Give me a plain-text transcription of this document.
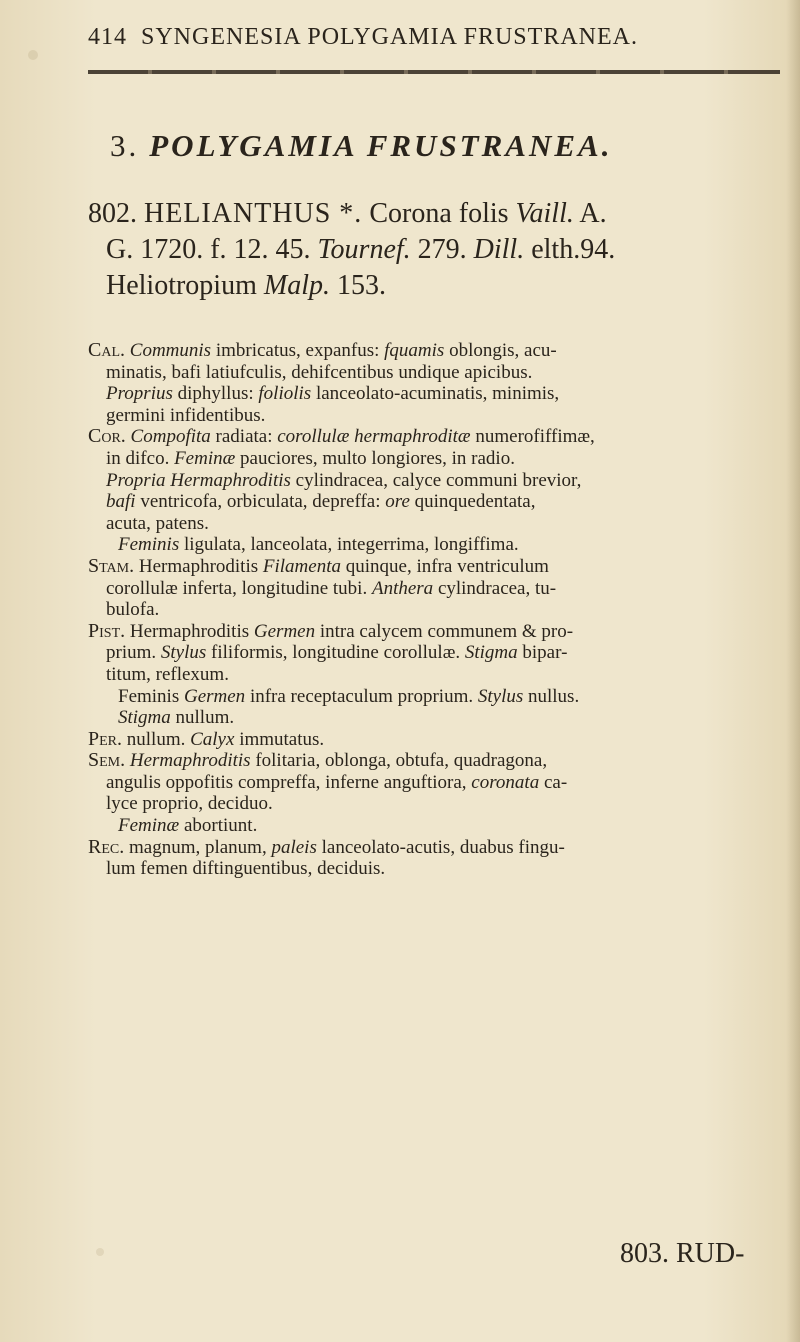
414 SYNGENESIA POLYGAMIA FRUSTRANEA.
3. POLYGAMIA FRUSTRANEA.
802. HELIANTHUS *. Corona folis Vaill. A.
G. 1720. f. 12. 45. Tournef. 279. Dill. elth.94.
Heliotropium Malp. 153.
Cal. Communis imbricatus, expanfus: fquamis oblongis, acu-
minatis, bafi latiufculis, dehifcentibus undique apicibus.
Proprius diphyllus: foliolis lanceolato-acuminatis, minimis,
germini infidentibus.
Cor. Compofita radiata: corollulæ hermaphroditæ numerofiffimæ,
in difco. Feminæ pauciores, multo longiores, in radio.
Propria Hermaphroditis cylindracea, calyce communi brevior,
bafi ventricofa, orbiculata, depreffa: ore quinquedentata,
acuta, patens.
Feminis ligulata, lanceolata, integerrima, longiffima.
Stam. Hermaphroditis Filamenta quinque, infra ventriculum
corollulæ inferta, longitudine tubi. Anthera cylindracea, tu-
bulofa.
Pist. Hermaphroditis Germen intra calycem communem & pro-
prium. Stylus filiformis, longitudine corollulæ. Stigma bipar-
titum, reflexum.
Feminis Germen infra receptaculum proprium. Stylus nullus.
Stigma nullum.
Per. nullum. Calyx immutatus.
Sem. Hermaphroditis folitaria, oblonga, obtufa, quadragona,
angulis oppofitis compreffa, inferne anguftiora, coronata ca-
lyce proprio, deciduo.
Feminæ abortiunt.
Rec. magnum, planum, paleis lanceolato-acutis, duabus fingu-
lum femen diftinguentibus, deciduis.
803. RUD-
